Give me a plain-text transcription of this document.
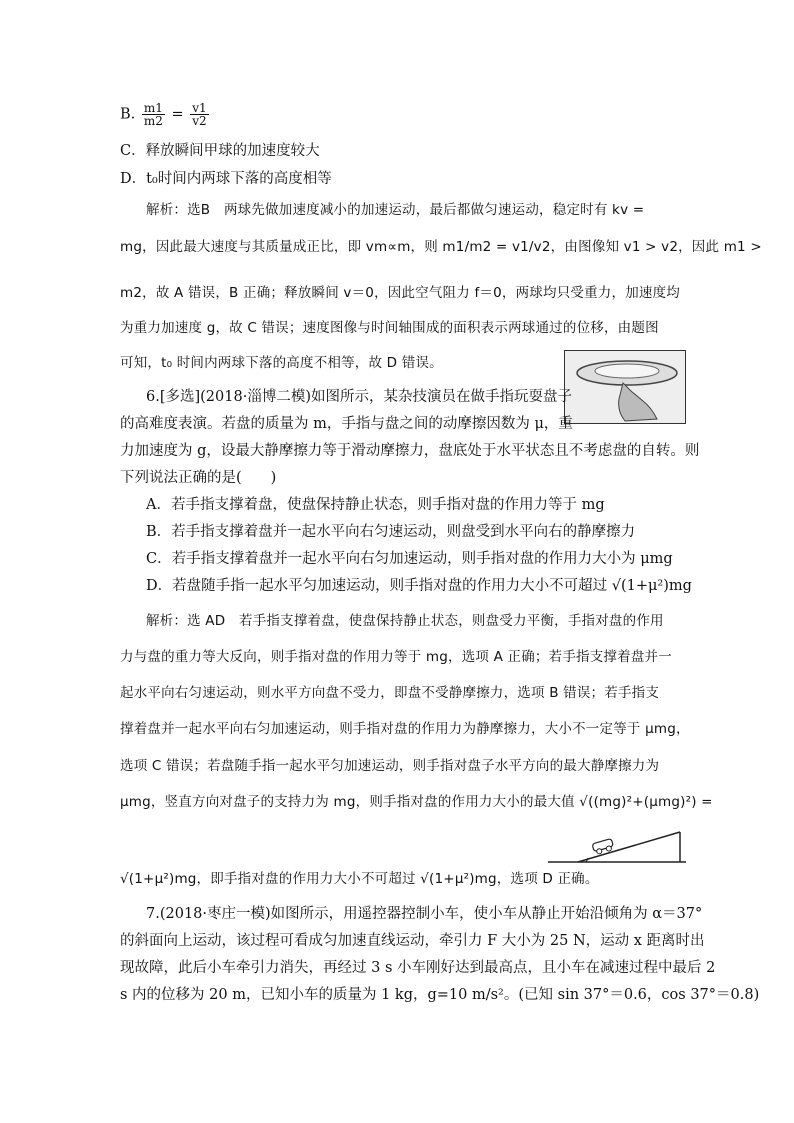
B. $\frac{m1}{m2} = \frac{v1}{v2}$
C．释放瞬间甲球的加速度较大
D．t₀时间内两球下落的高度相等
解析：选B　两球先做加速度减小的加速运动，最后都做匀速运动，稳定时有 kv =
mg，因此最大速度与其质量成正比，即 vm∝m，则 m1/m2 = v1/v2，由图像知 v1 > v2，因此 m1 >
m2，故 A 错误，B 正确；释放瞬间 v＝0，因此空气阻力 f＝0，两球均只受重力，加速度均
为重力加速度 g，故 C 错误；速度图像与时间轴围成的面积表示两球通过的位移，由题图
可知，t₀ 时间内两球下落的高度不相等，故 D 错误。
6.[多选](2018·淄博二模)如图所示，某杂技演员在做手指玩耍盘子
的高难度表演。若盘的质量为 m，手指与盘之间的动摩擦因数为 μ，重
力加速度为 g，设最大静摩擦力等于滑动摩擦力，盘底处于水平状态且不考虑盘的自转。则
下列说法正确的是(　　)
A．若手指支撑着盘，使盘保持静止状态，则手指对盘的作用力等于 mg
B．若手指支撑着盘并一起水平向右匀速运动，则盘受到水平向右的静摩擦力
C．若手指支撑着盘并一起水平向右匀加速运动，则手指对盘的作用力大小为 μmg
D．若盘随手指一起水平匀加速运动，则手指对盘的作用力大小不可超过 √(1+μ²)mg
解析：选 AD　若手指支撑着盘，使盘保持静止状态，则盘受力平衡，手指对盘的作用
力与盘的重力等大反向，则手指对盘的作用力等于 mg，选项 A 正确；若手指支撑着盘并一
起水平向右匀速运动，则水平方向盘不受力，即盘不受静摩擦力，选项 B 错误；若手指支
撑着盘并一起水平向右匀加速运动，则手指对盘的作用力为静摩擦力，大小不一定等于 μmg，
选项 C 错误；若盘随手指一起水平匀加速运动，则手指对盘子水平方向的最大静摩擦力为
μmg，竖直方向对盘子的支持力为 mg，则手指对盘的作用力大小的最大值 √((mg)²+(μmg)²) =
√(1+μ²)mg，即手指对盘的作用力大小不可超过 √(1+μ²)mg，选项 D 正确。
7.(2018·枣庄一模)如图所示，用遥控器控制小车，使小车从静止开始沿倾角为 α＝37°
的斜面向上运动，该过程可看成匀加速直线运动，牵引力 F 大小为 25 N，运动 x 距离时出
现故障，此后小车牵引力消失，再经过 3 s 小车刚好达到最高点，且小车在减速过程中最后 2
s 内的位移为 20 m，已知小车的质量为 1 kg，g=10 m/s²。(已知 sin 37°＝0.6，cos 37°＝0.8)
